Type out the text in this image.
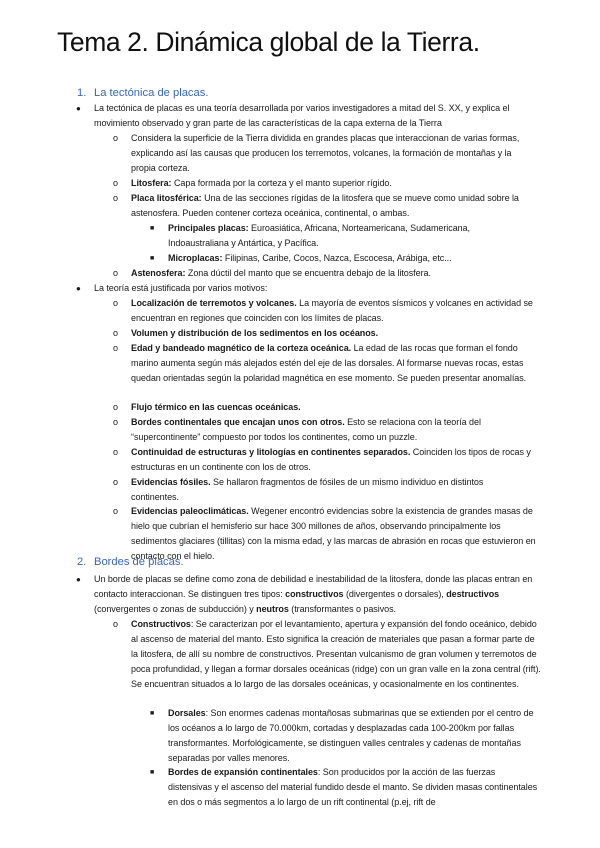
Tema 2. Dinámica global de la Tierra.
1. La tectónica de placas.
● La tectónica de placas es una teoría desarrollada por varios investigadores a mitad del S. XX, y explica el movimiento observado y gran parte de las características de la capa externa de la Tierra
o Considera la superficie de la Tierra dividida en grandes placas que interaccionan de varias formas, explicando así las causas que producen los terremotos, volcanes, la formación de montañas y la propia corteza.
o Litosfera: Capa formada por la corteza y el manto superior rígido.
o Placa litosférica: Una de las secciones rígidas de la litosfera que se mueve como unidad sobre la astenosfera. Pueden contener corteza oceánica, continental, o ambas.
■ Principales placas: Euroasiática, Africana, Norteamericana, Sudamericana, Indoaustraliana y Antártica, y Pacífica.
■ Microplacas: Filipinas, Caribe, Cocos, Nazca, Escocesa, Arábiga, etc...
o Astenosfera: Zona dúctil del manto que se encuentra debajo de la litosfera.
● La teoría está justificada por varios motivos:
o Localización de terremotos y volcanes. La mayoría de eventos sísmicos y volcanes en actividad se encuentran en regiones que coinciden con los límites de placas.
o Volumen y distribución de los sedimentos en los océanos.
o Edad y bandeado magnético de la corteza oceánica. La edad de las rocas que forman el fondo marino aumenta según más alejados estén del eje de las dorsales. Al formarse nuevas rocas, estas quedan orientadas según la polaridad magnética en ese momento. Se pueden presentar anomalías.
o Flujo térmico en las cuencas oceánicas.
o Bordes continentales que encajan unos con otros. Esto se relaciona con la teoría del “supercontinente” compuesto por todos los continentes, como un puzzle.
o Continuidad de estructuras y litologías en continentes separados. Coinciden los tipos de rocas y estructuras en un continente con los de otros.
o Evidencias fósiles. Se hallaron fragmentos de fósiles de un mismo individuo en distintos continentes.
o Evidencias paleoclimáticas. Wegener encontró evidencias sobre la existencia de grandes masas de hielo que cubrían el hemisferio sur hace 300 millones de años, observando principalmente los sedimentos glaciares (tillitas) con la misma edad, y las marcas de abrasión en rocas que estuvieron en contacto con el hielo.
2. Bordes de placas.
● Un borde de placas se define como zona de debilidad e inestabilidad de la litosfera, donde las placas entran en contacto interaccionan. Se distinguen tres tipos: constructivos (divergentes o dorsales), destructivos (convergentes o zonas de subducción) y neutros (transformantes o pasivos.
o Constructivos: Se caracterizan por el levantamiento, apertura y expansión del fondo oceánico, debido al ascenso de material del manto. Esto significa la creación de materiales que pasan a formar parte de la litosfera, de allí su nombre de constructivos. Presentan vulcanismo de gran volumen y terremotos de poca profundidad, y llegan a formar dorsales oceánicas (ridge) con un gran valle en la zona central (rift). Se encuentran situados a lo largo de las dorsales oceánicas, y ocasionalmente en los continentes.
■ Dorsales: Son enormes cadenas montañosas submarinas que se extienden por el centro de los océanos a lo largo de 70.000km, cortadas y desplazadas cada 100-200km por fallas transformantes. Morfológicamente, se distinguen valles centrales y cadenas de montañas separadas por valles menores.
■ Bordes de expansión continentales: Son producidos por la acción de las fuerzas distensivas y el ascenso del material fundido desde el manto. Se dividen masas continentales en dos o más segmentos a lo largo de un rift continental (p.ej, rift de
